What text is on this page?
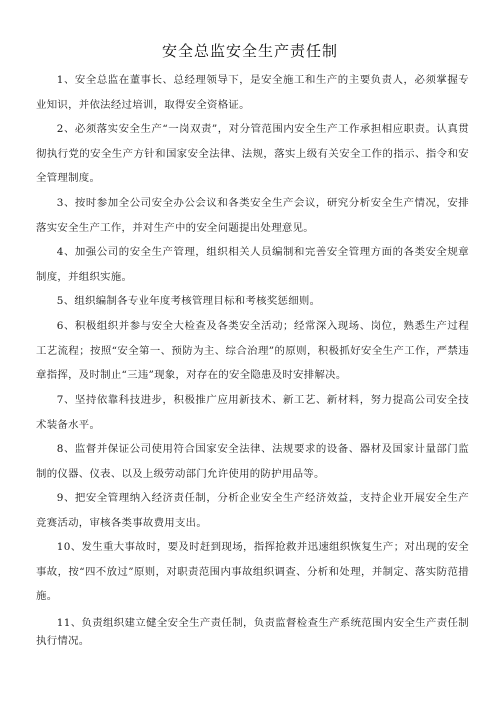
安全总监安全生产责任制

1、安全总监在董事长、总经理领导下，是安全施工和生产的主要负责人，必须掌握专业知识，并依法经过培训，取得安全资格证。

2、必须落实安全生产“一岗双责”，对分管范围内安全生产工作承担相应职责。认真贯彻执行党的安全生产方针和国家安全法律、法规，落实上级有关安全工作的指示、指令和安全管理制度。

3、按时参加全公司安全办公会议和各类安全生产会议，研究分析安全生产情况，安排落实安全生产工作，并对生产中的安全问题提出处理意见。

4、加强公司的安全生产管理，组织相关人员编制和完善安全管理方面的各类安全规章制度，并组织实施。

5、组织编制各专业年度考核管理目标和考核奖惩细则。

6、积极组织并参与安全大检查及各类安全活动；经常深入现场、岗位，熟悉生产过程工艺流程；按照“安全第一、预防为主、综合治理”的原则，积极抓好安全生产工作，严禁违章指挥，及时制止“三违”现象，对存在的安全隐患及时安排解决。

7、坚持依靠科技进步，积极推广应用新技术、新工艺、新材料，努力提高公司安全技术装备水平。

8、监督并保证公司使用符合国家安全法律、法规要求的设备、器材及国家计量部门监制的仪器、仪表、以及上级劳动部门允许使用的防护用品等。

9、把安全管理纳入经济责任制，分析企业安全生产经济效益，支持企业开展安全生产竞赛活动，审核各类事故费用支出。

10、发生重大事故时，要及时赶到现场，指挥抢救并迅速组织恢复生产；对出现的安全事故，按“四不放过”原则，对职责范围内事故组织调查、分析和处理，并制定、落实防范措施。

11、负责组织建立健全安全生产责任制，负责监督检查生产系统范围内安全生产责任制执行情况。
